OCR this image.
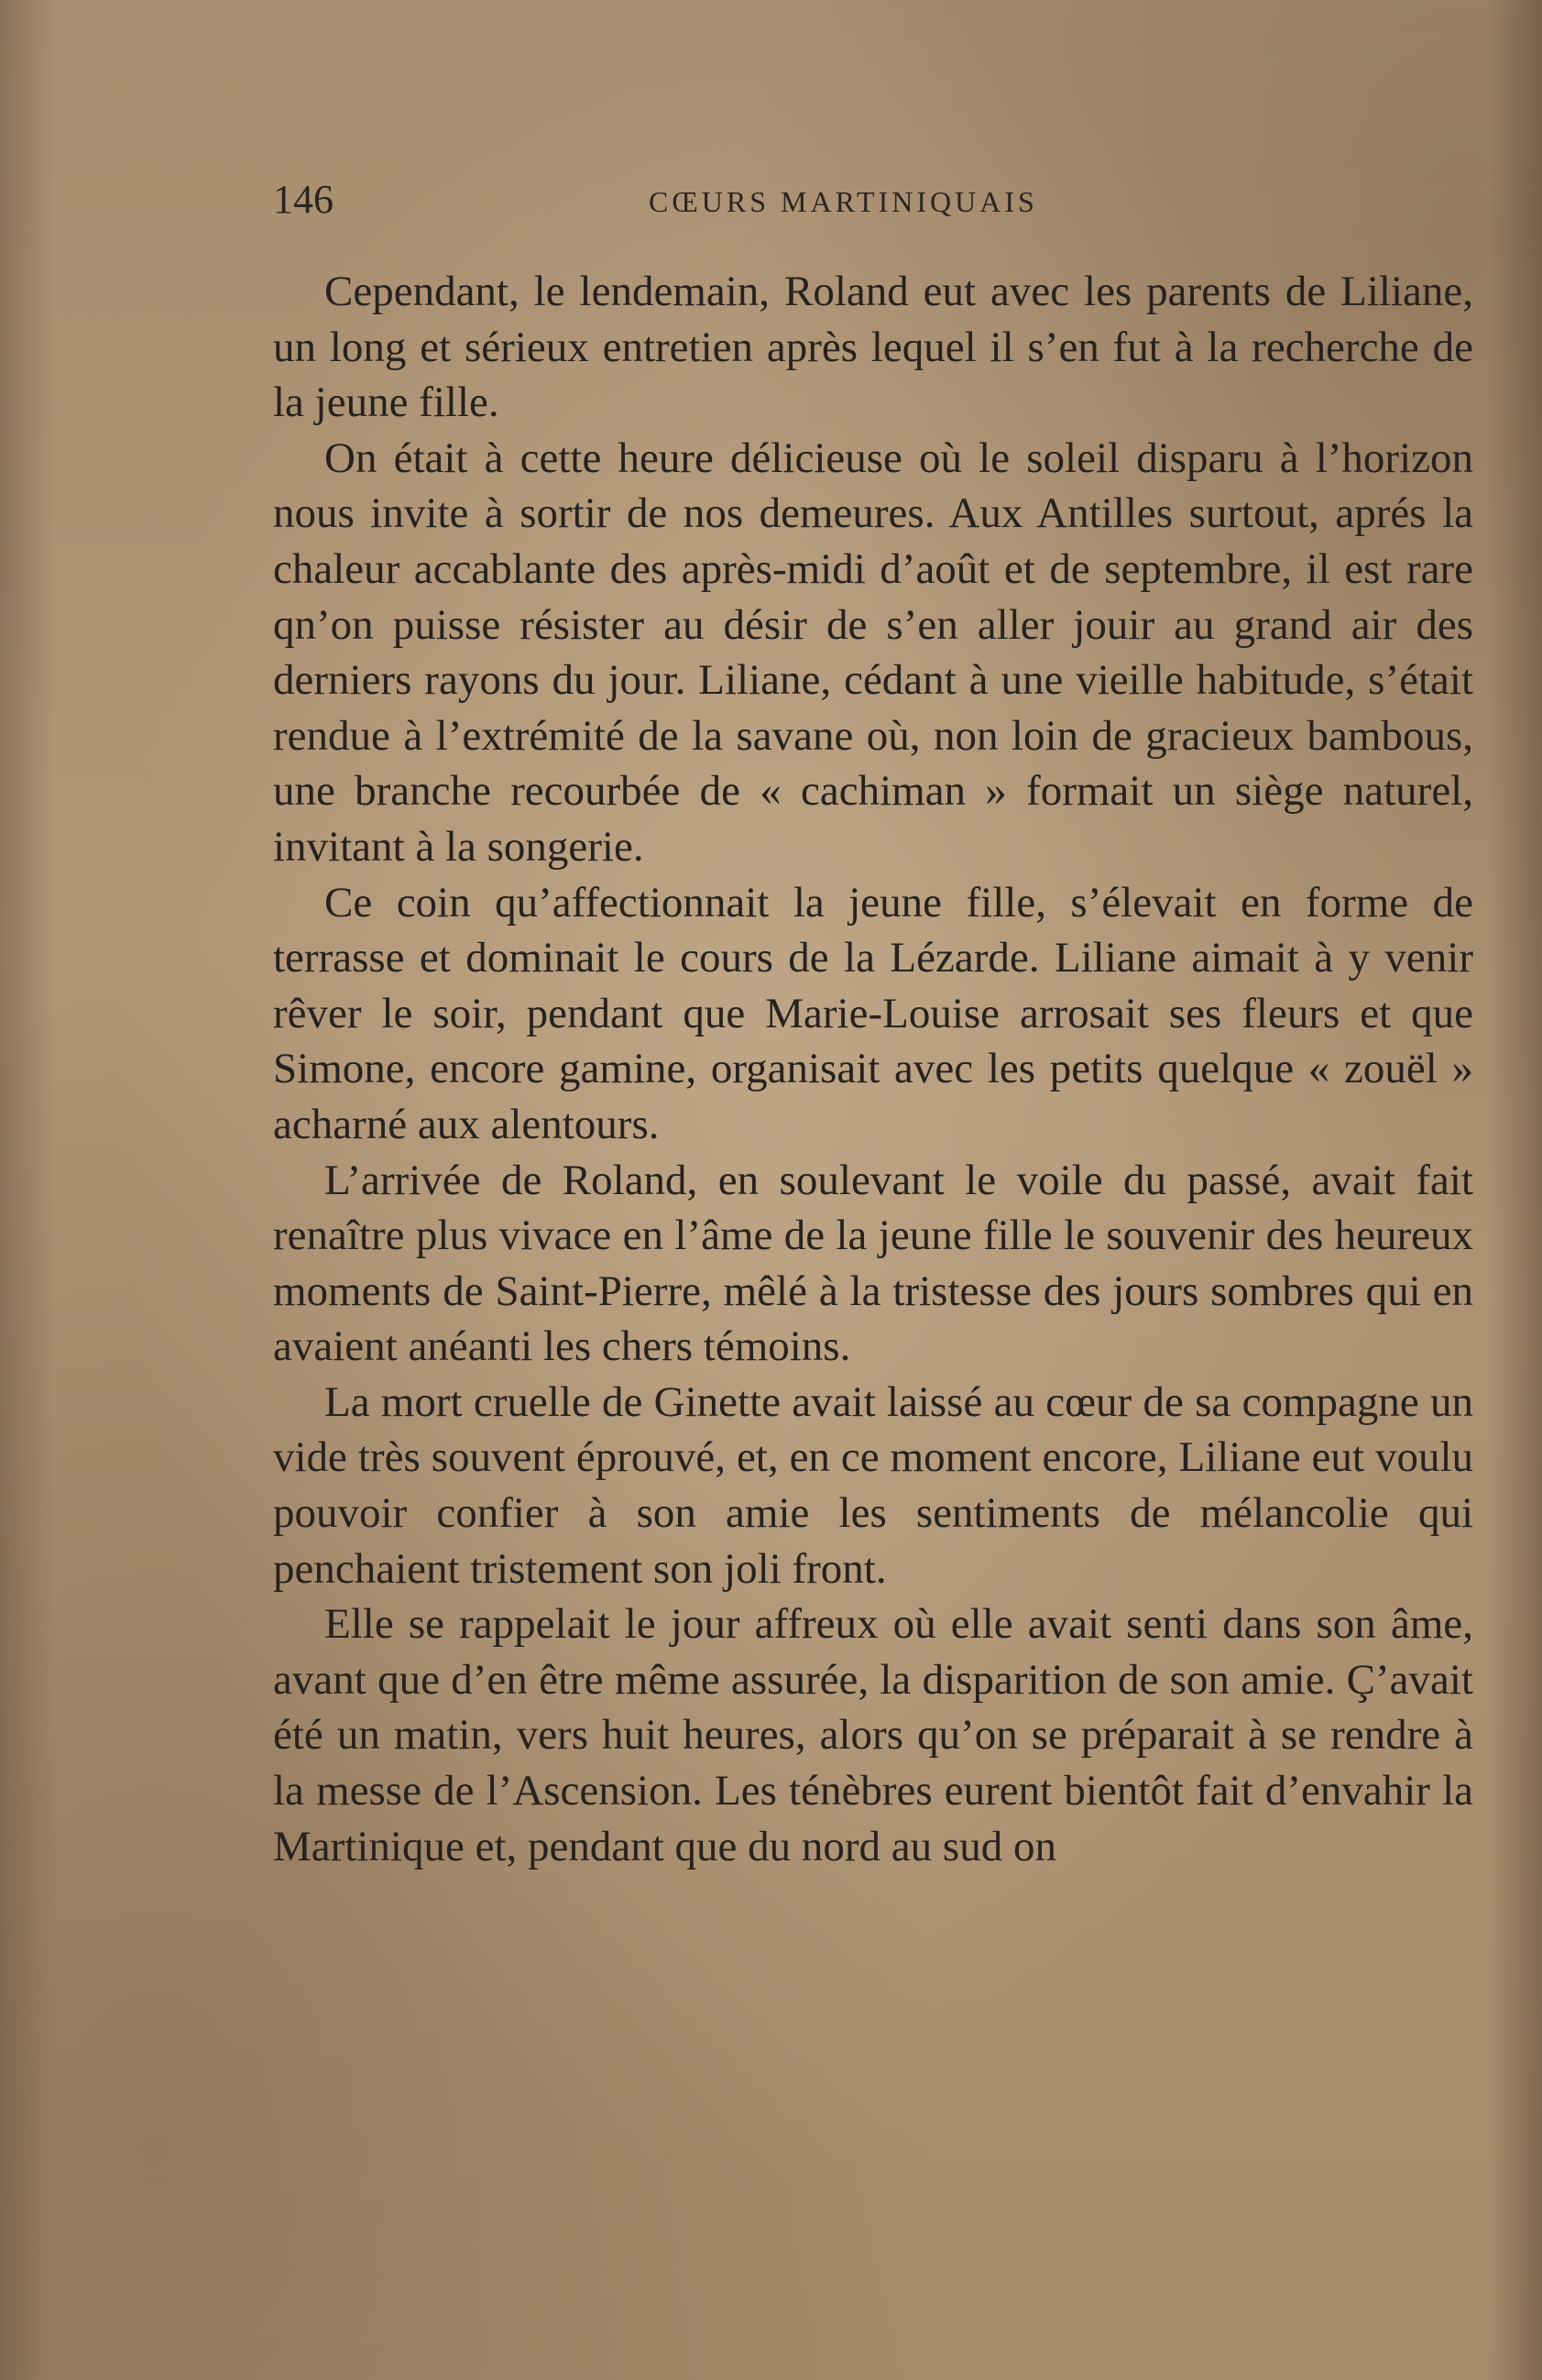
146	CŒURS MARTINIQUAIS

Cependant, le lendemain, Roland eut avec les parents de Liliane, un long et sérieux entretien après lequel il s’en fut à la recherche de la jeune fille.

On était à cette heure délicieuse où le soleil disparu à l’horizon nous invite à sortir de nos demeures. Aux Antilles surtout, aprés la chaleur accablante des après-midi d’août et de septembre, il est rare qn’on puisse résister au désir de s’en aller jouir au grand air des derniers rayons du jour. Liliane, cédant à une vieille habitude, s’était rendue à l’extrémité de la savane où, non loin de gracieux bambous, une branche recourbée de « cachiman » formait un siège naturel, invitant à la songerie.

Ce coin qu’affectionnait la jeune fille, s’élevait en forme de terrasse et dominait le cours de la Lézarde. Liliane aimait à y venir rêver le soir, pendant que Marie-Louise arrosait ses fleurs et que Simone, encore gamine, organisait avec les petits quelque « zouël » acharné aux alentours.

L’arrivée de Roland, en soulevant le voile du passé, avait fait renaître plus vivace en l’âme de la jeune fille le souvenir des heureux moments de Saint-Pierre, mêlé à la tristesse des jours sombres qui en avaient anéanti les chers témoins.

La mort cruelle de Ginette avait laissé au cœur de sa compagne un vide très souvent éprouvé, et, en ce moment encore, Liliane eut voulu pouvoir confier à son amie les sentiments de mélancolie qui penchaient tristement son joli front.

Elle se rappelait le jour affreux où elle avait senti dans son âme, avant que d’en être même assurée, la disparition de son amie. Ç’avait été un matin, vers huit heures, alors qu’on se préparait à se rendre à la messe de l’Ascension. Les ténèbres eurent bientôt fait d’envahir la Martinique et, pendant que du nord au sud on
